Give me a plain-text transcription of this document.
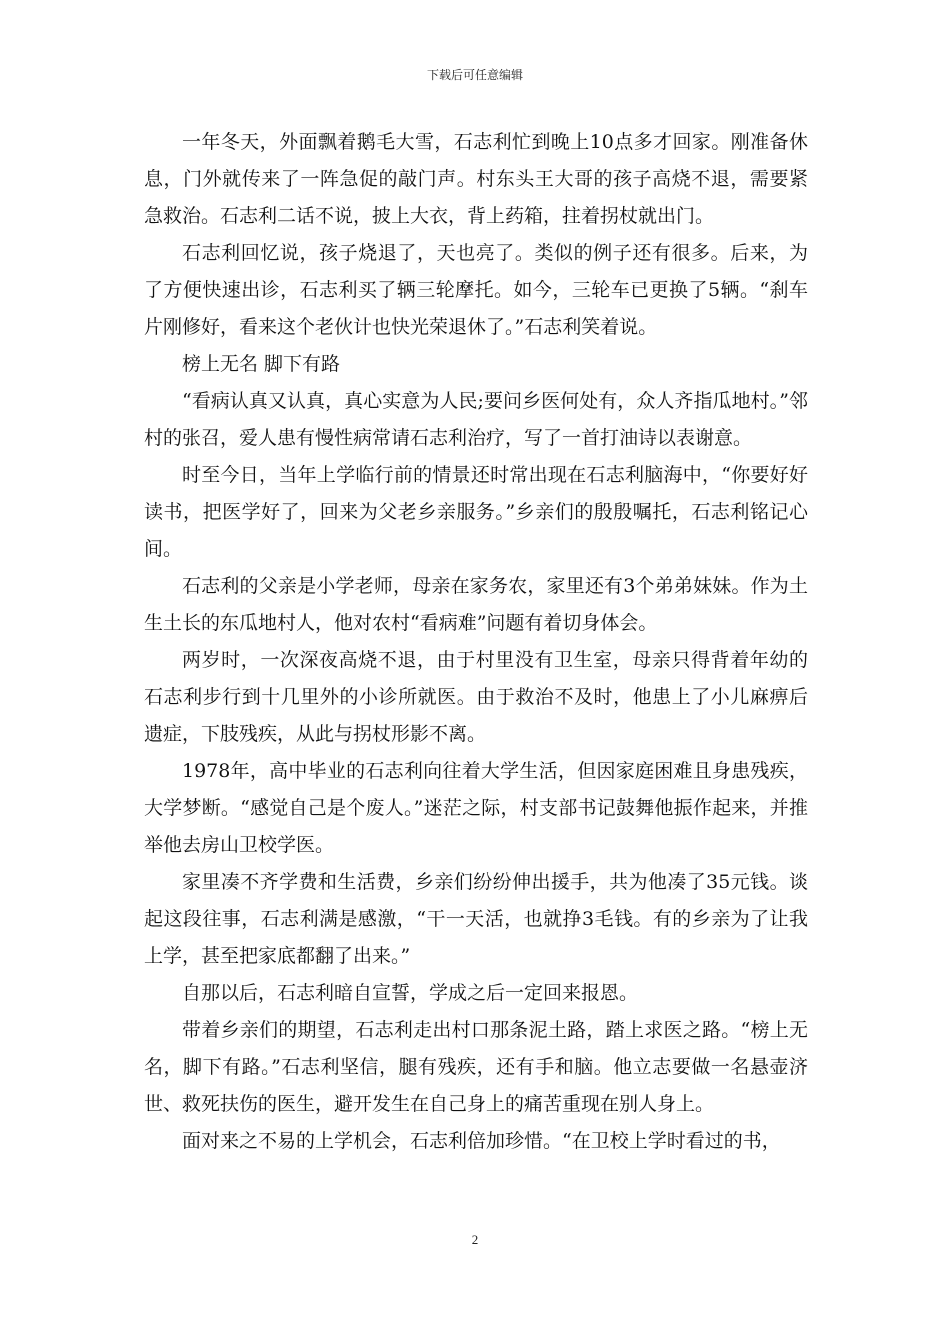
下载后可任意编辑

一年冬天，外面飘着鹅毛大雪，石志利忙到晚上10点多才回家。刚准备休息，门外就传来了一阵急促的敲门声。村东头王大哥的孩子高烧不退，需要紧急救治。石志利二话不说，披上大衣，背上药箱，拄着拐杖就出门。

石志利回忆说，孩子烧退了，天也亮了。类似的例子还有很多。后来，为了方便快速出诊，石志利买了辆三轮摩托。如今，三轮车已更换了5辆。“刹车片刚修好，看来这个老伙计也快光荣退休了。”石志利笑着说。

榜上无名 脚下有路

“看病认真又认真，真心实意为人民;要问乡医何处有，众人齐指瓜地村。”邻村的张召，爱人患有慢性病常请石志利治疗，写了一首打油诗以表谢意。

时至今日，当年上学临行前的情景还时常出现在石志利脑海中，“你要好好读书，把医学好了，回来为父老乡亲服务。”乡亲们的殷殷嘱托，石志利铭记心间。

石志利的父亲是小学老师，母亲在家务农，家里还有3个弟弟妹妹。作为土生土长的东瓜地村人，他对农村“看病难”问题有着切身体会。

两岁时，一次深夜高烧不退，由于村里没有卫生室，母亲只得背着年幼的石志利步行到十几里外的小诊所就医。由于救治不及时，他患上了小儿麻痹后遗症，下肢残疾，从此与拐杖形影不离。

1978年，高中毕业的石志利向往着大学生活，但因家庭困难且身患残疾，大学梦断。“感觉自己是个废人。”迷茫之际，村支部书记鼓舞他振作起来，并推举他去房山卫校学医。

家里凑不齐学费和生活费，乡亲们纷纷伸出援手，共为他凑了35元钱。谈起这段往事，石志利满是感激，“干一天活，也就挣3毛钱。有的乡亲为了让我上学，甚至把家底都翻了出来。”

自那以后，石志利暗自宣誓，学成之后一定回来报恩。

带着乡亲们的期望，石志利走出村口那条泥土路，踏上求医之路。“榜上无名，脚下有路。”石志利坚信，腿有残疾，还有手和脑。他立志要做一名悬壶济世、救死扶伤的医生，避开发生在自己身上的痛苦重现在别人身上。

面对来之不易的上学机会，石志利倍加珍惜。“在卫校上学时看过的书，

2
